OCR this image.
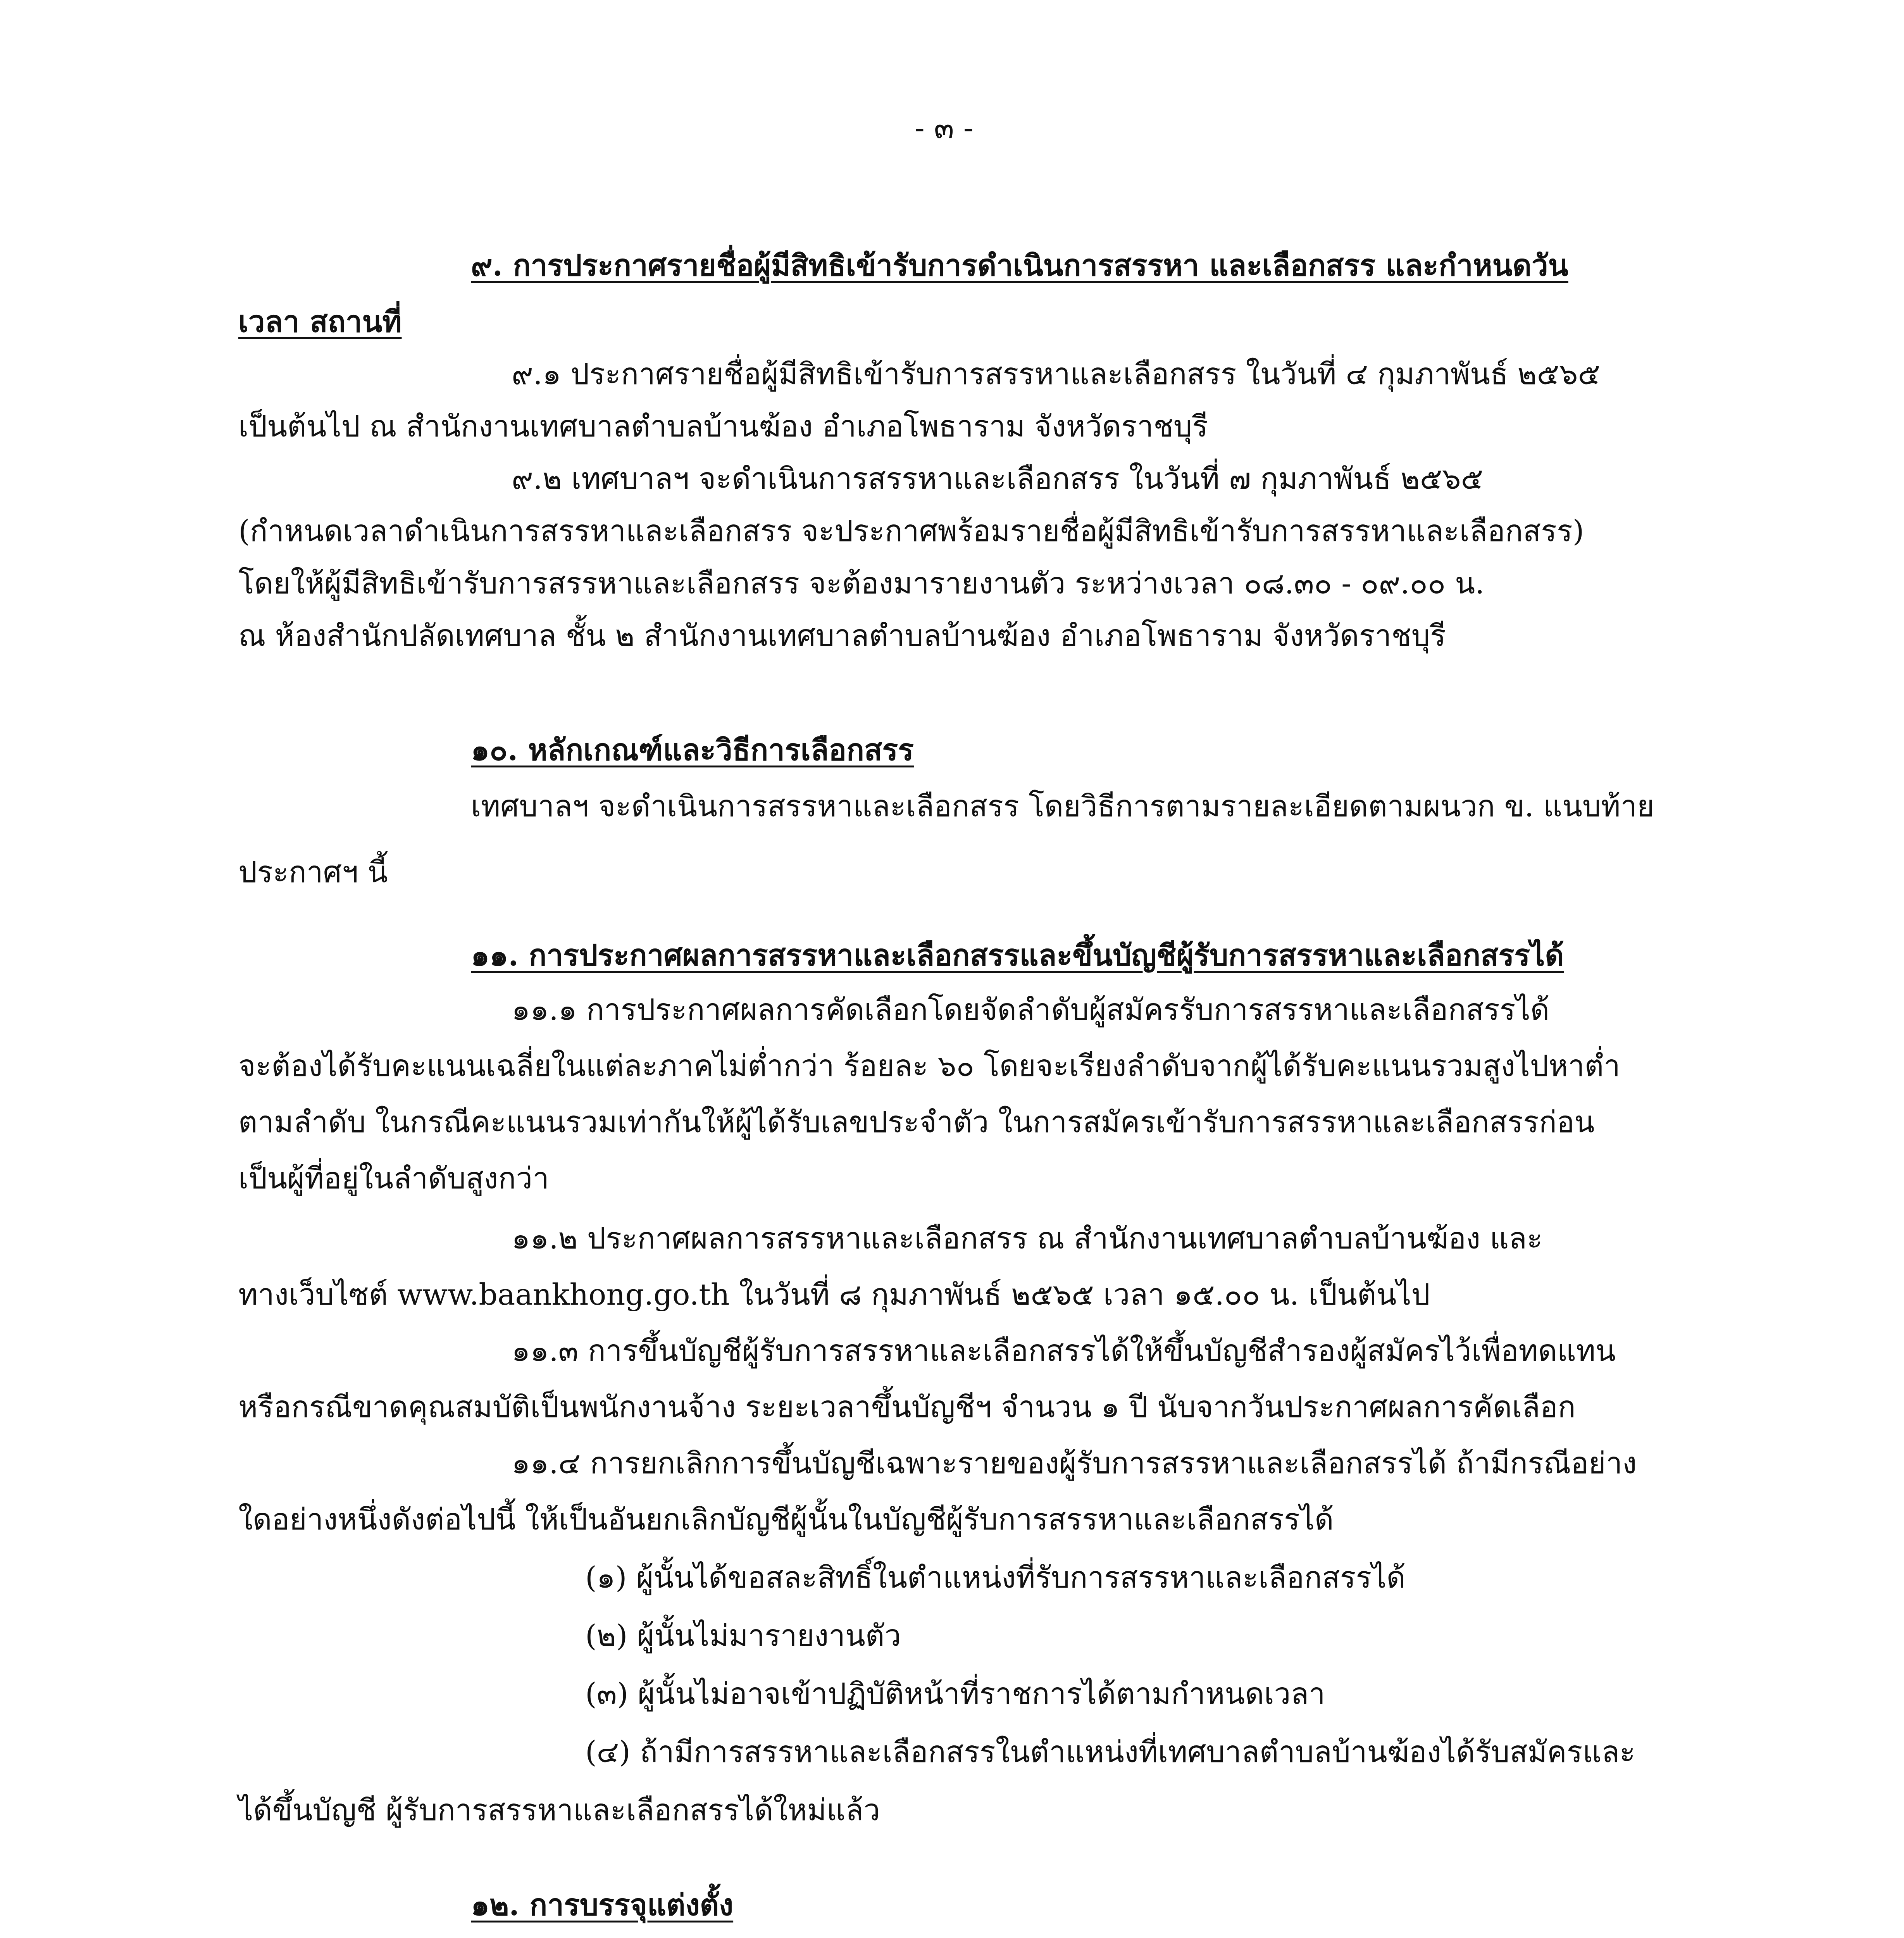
- ๓ -
๙. การประกาศรายชื่อผู้มีสิทธิเข้ารับการดำเนินการสรรหา และเลือกสรร และกำหนดวัน
เวลา สถานที่
๙.๑ ประกาศรายชื่อผู้มีสิทธิเข้ารับการสรรหาและเลือกสรร ในวันที่ ๔ กุมภาพันธ์ ๒๕๖๕
เป็นต้นไป ณ สำนักงานเทศบาลตำบลบ้านฆ้อง อำเภอโพธาราม จังหวัดราชบุรี
๙.๒ เทศบาลฯ จะดำเนินการสรรหาและเลือกสรร ในวันที่ ๗ กุมภาพันธ์ ๒๕๖๕
(กำหนดเวลาดำเนินการสรรหาและเลือกสรร จะประกาศพร้อมรายชื่อผู้มีสิทธิเข้ารับการสรรหาและเลือกสรร)
โดยให้ผู้มีสิทธิเข้ารับการสรรหาและเลือกสรร จะต้องมารายงานตัว ระหว่างเวลา ๐๘.๓๐ - ๐๙.๐๐ น.
ณ ห้องสำนักปลัดเทศบาล ชั้น ๒ สำนักงานเทศบาลตำบลบ้านฆ้อง อำเภอโพธาราม จังหวัดราชบุรี
๑๐. หลักเกณฑ์และวิธีการเลือกสรร
เทศบาลฯ จะดำเนินการสรรหาและเลือกสรร โดยวิธีการตามรายละเอียดตามผนวก ข. แนบท้าย
ประกาศฯ นี้
๑๑. การประกาศผลการสรรหาและเลือกสรรและขึ้นบัญชีผู้รับการสรรหาและเลือกสรรได้
๑๑.๑ การประกาศผลการคัดเลือกโดยจัดลำดับผู้สมัครรับการสรรหาและเลือกสรรได้
จะต้องได้รับคะแนนเฉลี่ยในแต่ละภาคไม่ต่ำกว่า ร้อยละ ๖๐ โดยจะเรียงลำดับจากผู้ได้รับคะแนนรวมสูงไปหาต่ำ
ตามลำดับ ในกรณีคะแนนรวมเท่ากันให้ผู้ได้รับเลขประจำตัว ในการสมัครเข้ารับการสรรหาและเลือกสรรก่อน
เป็นผู้ที่อยู่ในลำดับสูงกว่า
๑๑.๒ ประกาศผลการสรรหาและเลือกสรร ณ สำนักงานเทศบาลตำบลบ้านฆ้อง และ
ทางเว็บไซต์ www.baankhong.go.th ในวันที่ ๘ กุมภาพันธ์ ๒๕๖๕ เวลา ๑๕.๐๐ น. เป็นต้นไป
๑๑.๓ การขึ้นบัญชีผู้รับการสรรหาและเลือกสรรได้ให้ขึ้นบัญชีสำรองผู้สมัครไว้เพื่อทดแทน
หรือกรณีขาดคุณสมบัติเป็นพนักงานจ้าง ระยะเวลาขึ้นบัญชีฯ จำนวน ๑ ปี นับจากวันประกาศผลการคัดเลือก
๑๑.๔ การยกเลิกการขึ้นบัญชีเฉพาะรายของผู้รับการสรรหาและเลือกสรรได้ ถ้ามีกรณีอย่าง
ใดอย่างหนึ่งดังต่อไปนี้ ให้เป็นอันยกเลิกบัญชีผู้นั้นในบัญชีผู้รับการสรรหาและเลือกสรรได้
(๑) ผู้นั้นได้ขอสละสิทธิ์ในตำแหน่งที่รับการสรรหาและเลือกสรรได้
(๒) ผู้นั้นไม่มารายงานตัว
(๓) ผู้นั้นไม่อาจเข้าปฏิบัติหน้าที่ราชการได้ตามกำหนดเวลา
(๔) ถ้ามีการสรรหาและเลือกสรรในตำแหน่งที่เทศบาลตำบลบ้านฆ้องได้รับสมัครและ
ได้ขึ้นบัญชี ผู้รับการสรรหาและเลือกสรรได้ใหม่แล้ว
๑๒. การบรรจุแต่งตั้ง
